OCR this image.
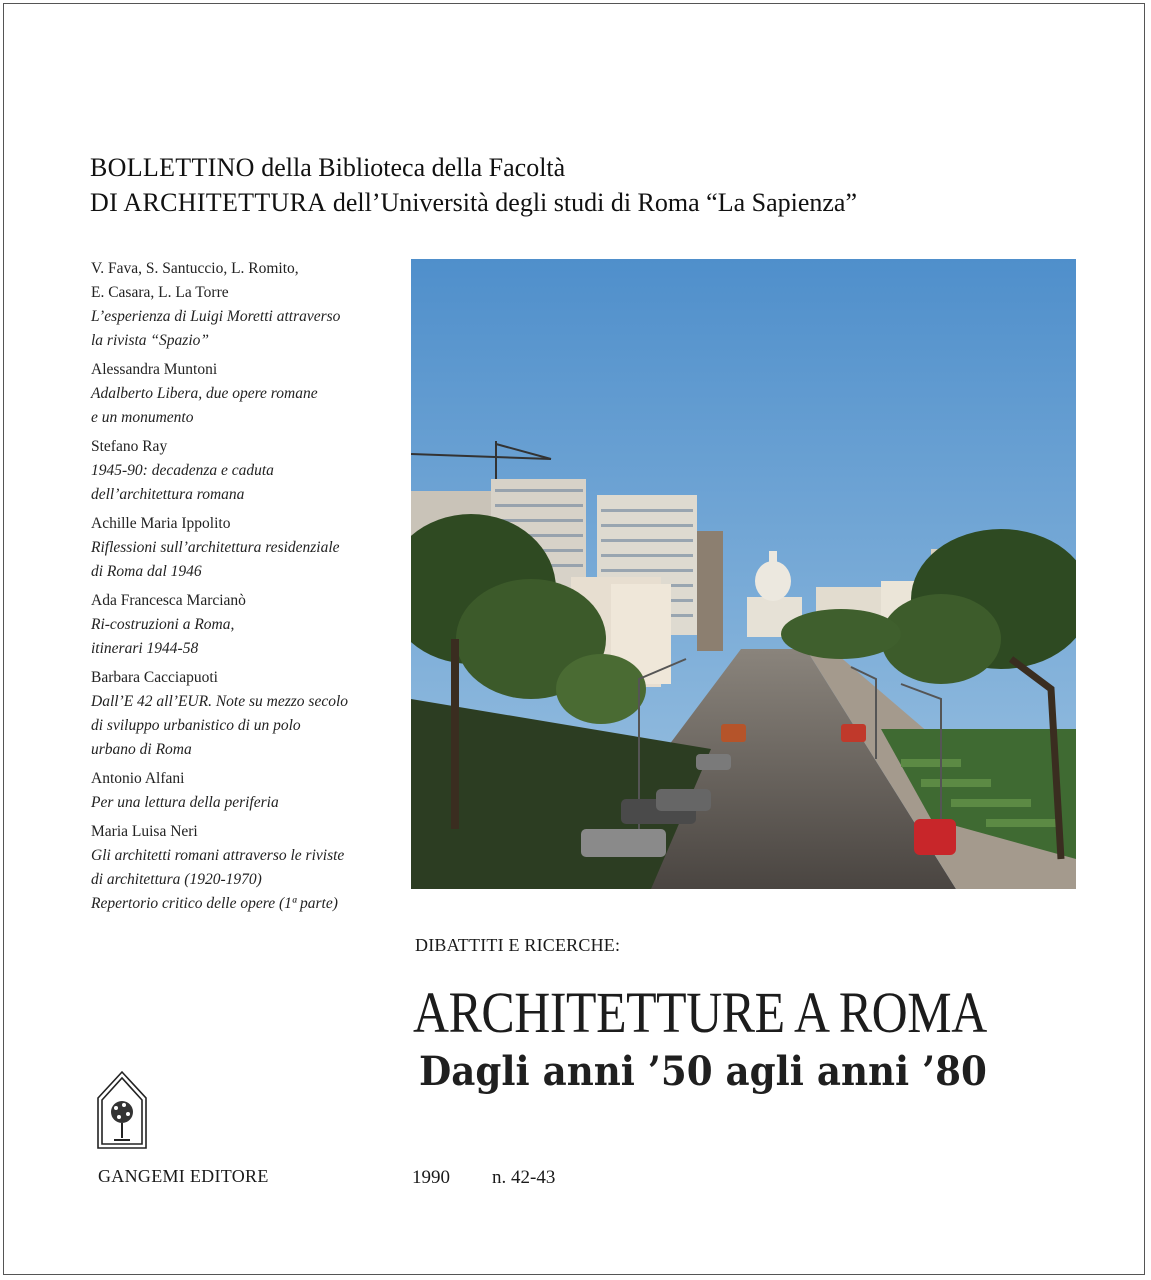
BOLLETTINO della Biblioteca della Facoltà
DI ARCHITETTURA dell’Università degli studi di Roma “La Sapienza”
V. Fava, S. Santuccio, L. Romito,
E. Casara, L. La Torre
L’esperienza di Luigi Moretti attraverso
la rivista “Spazio”
Alessandra Muntoni
Adalberto Libera, due opere romane
e un monumento
Stefano Ray
1945-90: decadenza e caduta
dell’architettura romana
Achille Maria Ippolito
Riflessioni sull’architettura residenziale
di Roma dal 1946
Ada Francesca Marcianò
Ri-costruzioni a Roma,
itinerari 1944-58
Barbara Cacciapuoti
Dall’E 42 all’EUR. Note su mezzo secolo
di sviluppo urbanistico di un polo
urbano di Roma
Antonio Alfani
Per una lettura della periferia
Maria Luisa Neri
Gli architetti romani attraverso le riviste
di architettura (1920-1970)
Repertorio critico delle opere (1ª parte)
DIBATTITI E RICERCHE:
ARCHITETTURE A ROMA
Dagli anni ’50 agli anni ’80
GANGEMI EDITORE	1990 n. 42-43
